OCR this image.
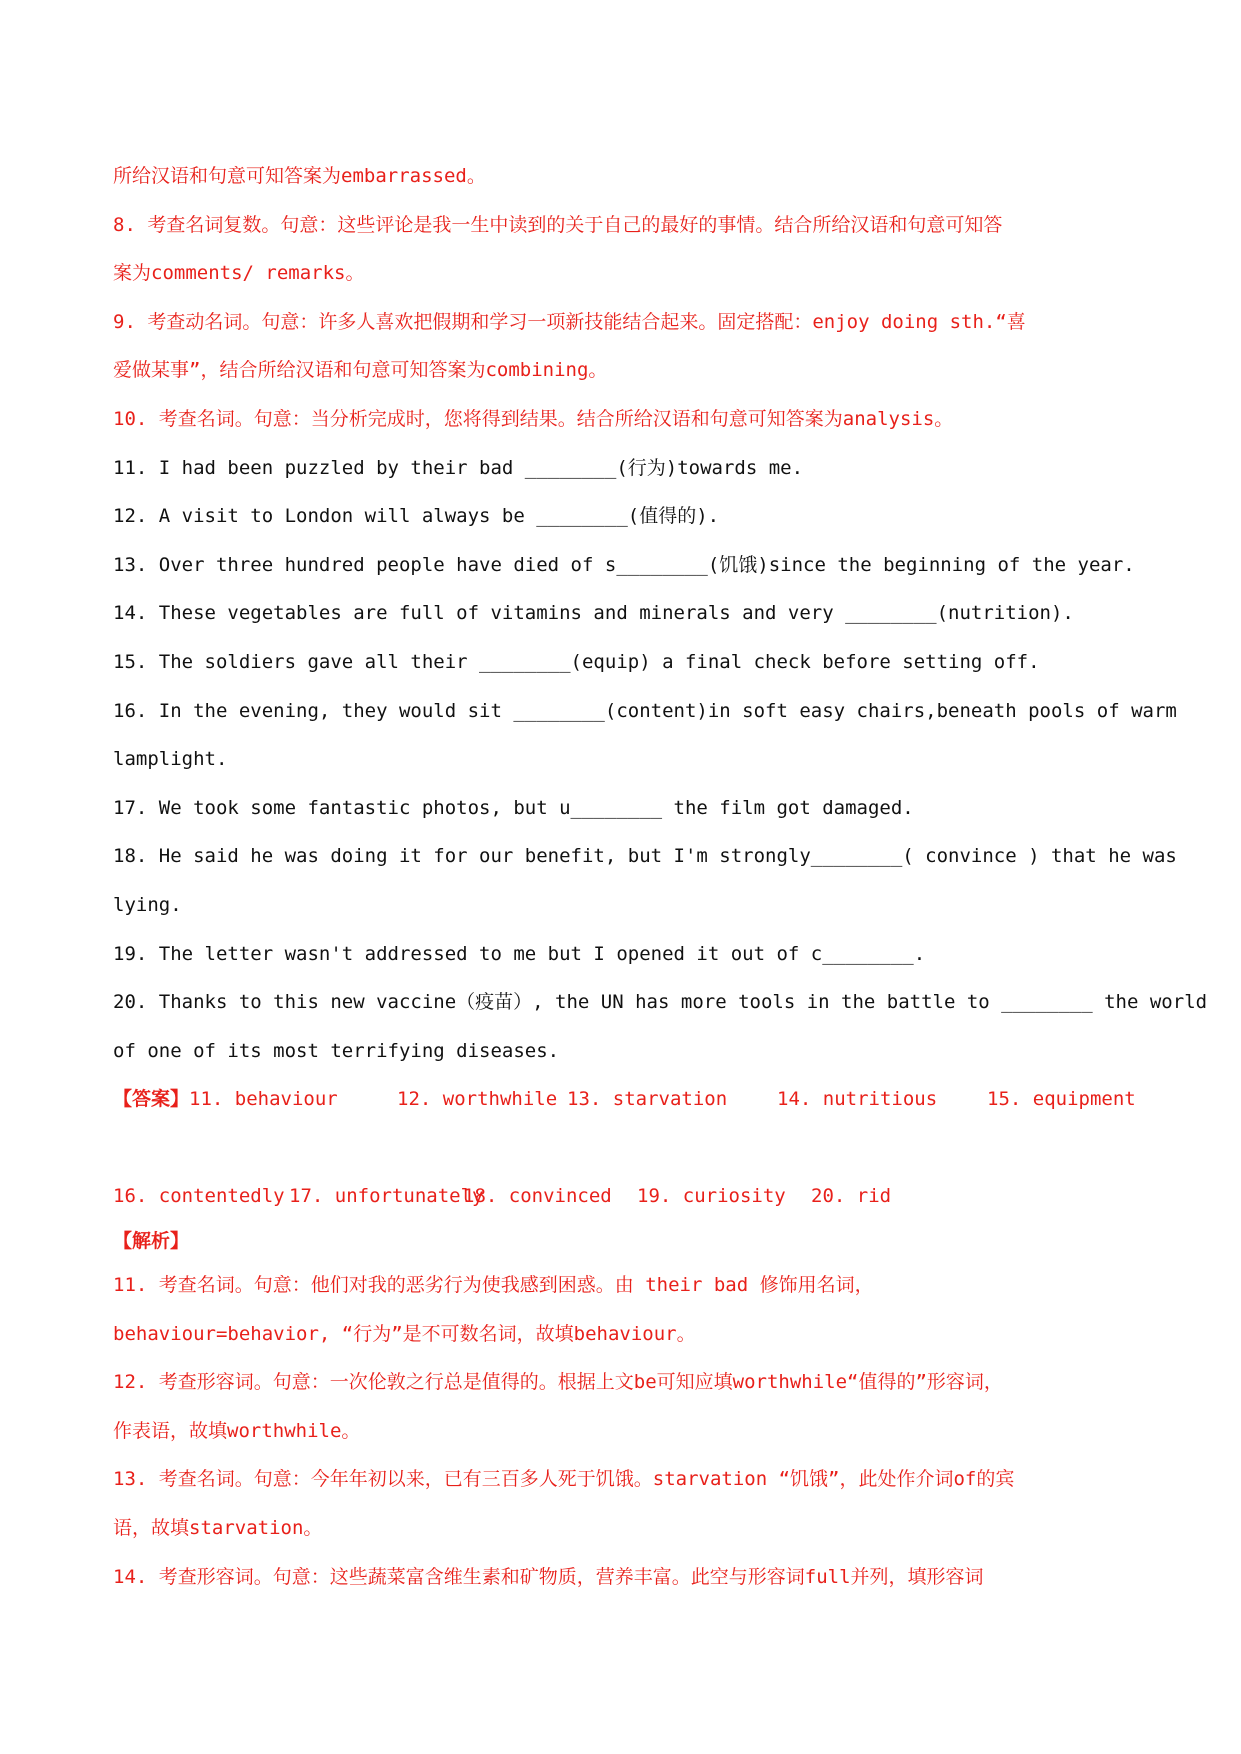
所给汉语和句意可知答案为embarrassed。
8. 考查名词复数。句意：这些评论是我一生中读到的关于自己的最好的事情。结合所给汉语和句意可知答
案为comments/ remarks。
9. 考查动名词。句意：许多人喜欢把假期和学习一项新技能结合起来。固定搭配：enjoy doing sth.“喜
爱做某事”，结合所给汉语和句意可知答案为combining。
10. 考查名词。句意：当分析完成时，您将得到结果。结合所给汉语和句意可知答案为analysis。
11. I had been puzzled by their bad ________(行为)towards me.
12. A visit to London will always be ________(值得的).
13. Over three hundred people have died of s________(饥饿)since the beginning of the year.
14. These vegetables are full of vitamins and minerals and very ________(nutrition).
15. The soldiers gave all their ________(equip) a final check before setting off.
16. In the evening, they would sit ________(content)in soft easy chairs,beneath pools of warm
lamplight.
17. We took some fantastic photos, but u________ the film got damaged.
18. He said he was doing it for our benefit, but I'm strongly________( convince ) that he was
lying.
19. The letter wasn't addressed to me but I opened it out of c________.
20. Thanks to this new vaccine（疫苗）, the UN has more tools in the battle to ________ the world
of one of its most terrifying diseases.
【答案】11. behaviour	12. worthwhile 13. starvation	14. nutritious	15. equipment
16. contentedly 17. unfortunately18. convinced 19. curiosity 20. rid
【解析】
11. 考查名词。句意：他们对我的恶劣行为使我感到困惑。由 their bad 修饰用名词，
behaviour=behavior, “行为”是不可数名词，故填behaviour。
12. 考查形容词。句意：一次伦敦之行总是值得的。根据上文be可知应填worthwhile“值得的”形容词，
作表语，故填worthwhile。
13. 考查名词。句意：今年年初以来，已有三百多人死于饥饿。starvation “饥饿”，此处作介词of的宾
语，故填starvation。
14. 考查形容词。句意：这些蔬菜富含维生素和矿物质，营养丰富。此空与形容词full并列，填形容词
